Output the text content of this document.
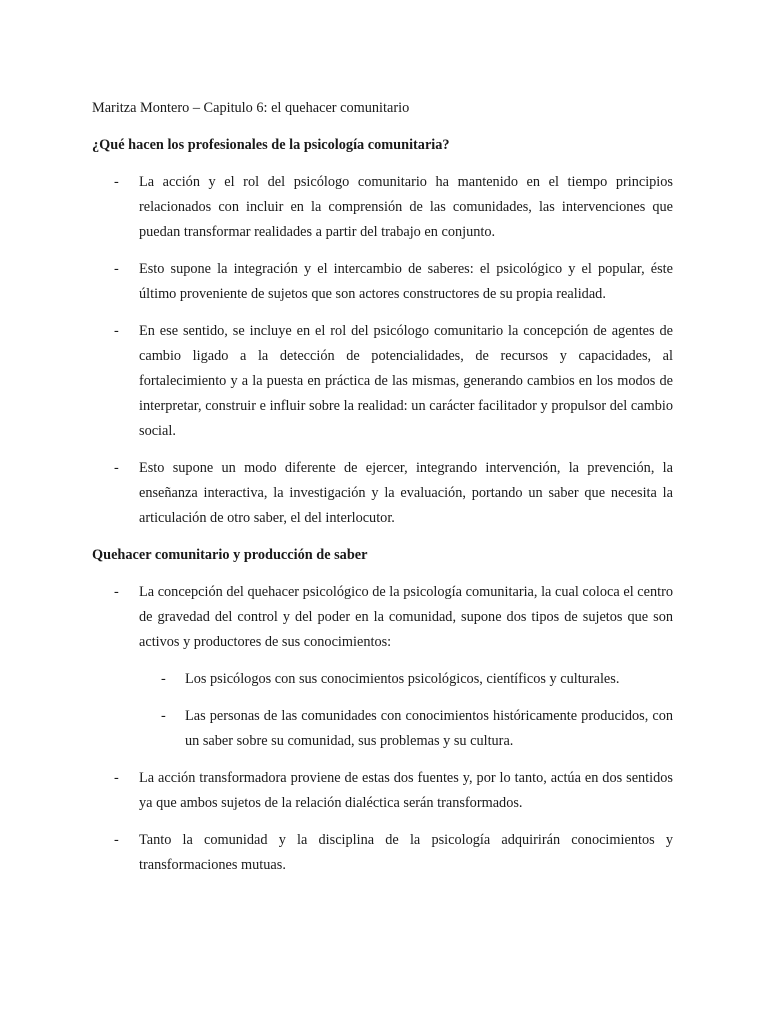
Maritza Montero – Capitulo 6: el quehacer comunitario

¿Qué hacen los profesionales de la psicología comunitaria?

- La acción y el rol del psicólogo comunitario ha mantenido en el tiempo principios relacionados con incluir en la comprensión de las comunidades, las intervenciones que puedan transformar realidades a partir del trabajo en conjunto.
- Esto supone la integración y el intercambio de saberes: el psicológico y el popular, éste último proveniente de sujetos que son actores constructores de su propia realidad.
- En ese sentido, se incluye en el rol del psicólogo comunitario la concepción de agentes de cambio ligado a la detección de potencialidades, de recursos y capacidades, al fortalecimiento y a la puesta en práctica de las mismas, generando cambios en los modos de interpretar, construir e influir sobre la realidad: un carácter facilitador y propulsor del cambio social.
- Esto supone un modo diferente de ejercer, integrando intervención, la prevención, la enseñanza interactiva, la investigación y la evaluación, portando un saber que necesita la articulación de otro saber, el del interlocutor.

Quehacer comunitario y producción de saber

- La concepción del quehacer psicológico de la psicología comunitaria, la cual coloca el centro de gravedad del control y del poder en la comunidad, supone dos tipos de sujetos que son activos y productores de sus conocimientos:
- Los psicólogos con sus conocimientos psicológicos, científicos y culturales.
- Las personas de las comunidades con conocimientos históricamente producidos, con un saber sobre su comunidad, sus problemas y su cultura.
- La acción transformadora proviene de estas dos fuentes y, por lo tanto, actúa en dos sentidos ya que ambos sujetos de la relación dialéctica serán transformados.
- Tanto la comunidad y la disciplina de la psicología adquirirán conocimientos y transformaciones mutuas.
